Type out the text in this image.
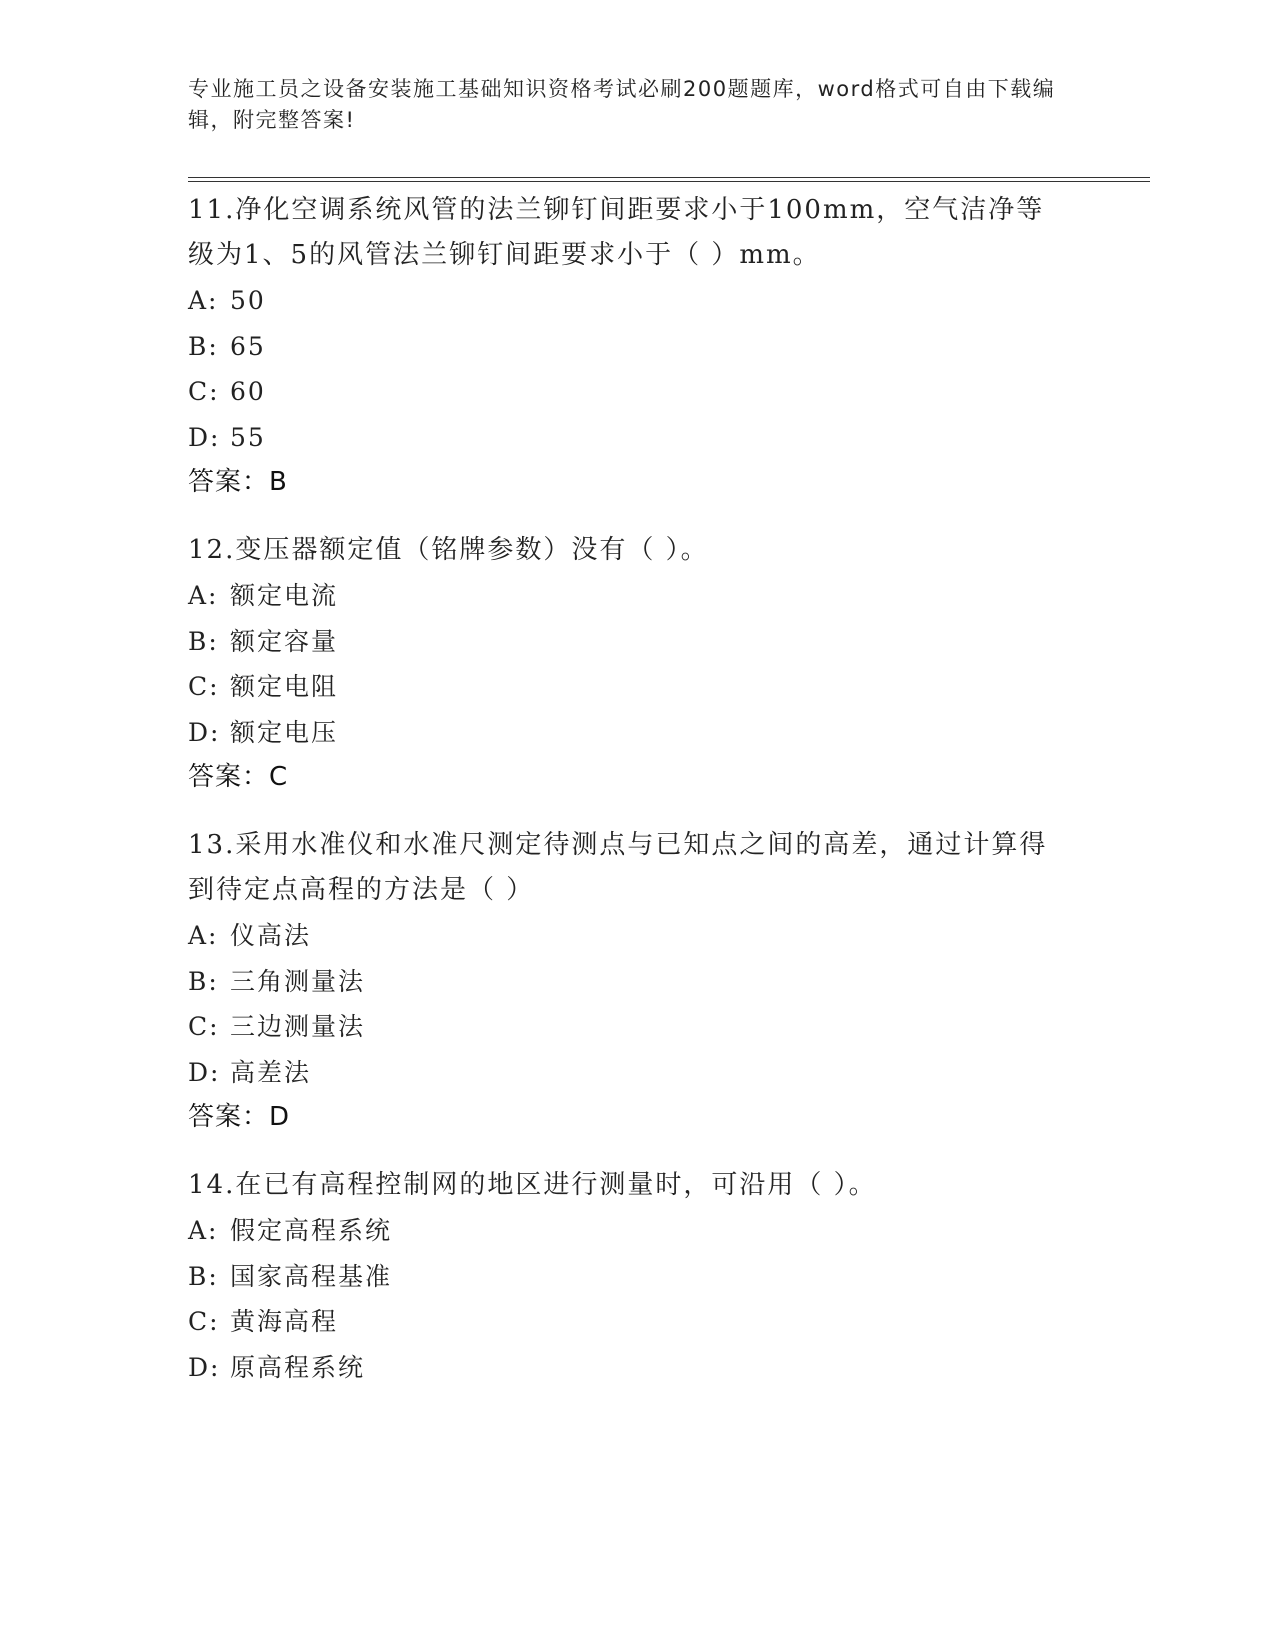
专业施工员之设备安装施工基础知识资格考试必刷200题题库，word格式可自由下载编辑，附完整答案!
11.净化空调系统风管的法兰铆钉间距要求小于100mm，空气洁净等级为1、5的风管法兰铆钉间距要求小于（ ）mm。
A: 50
B: 65
C: 60
D: 55
答案：B
12.变压器额定值（铭牌参数）没有（ ）。
A: 额定电流
B: 额定容量
C: 额定电阻
D: 额定电压
答案：C
13.采用水准仪和水准尺测定待测点与已知点之间的高差，通过计算得到待定点高程的方法是（ ）
A: 仪高法
B: 三角测量法
C: 三边测量法
D: 高差法
答案：D
14.在已有高程控制网的地区进行测量时，可沿用（ ）。
A: 假定高程系统
B: 国家高程基准
C: 黄海高程
D: 原高程系统
